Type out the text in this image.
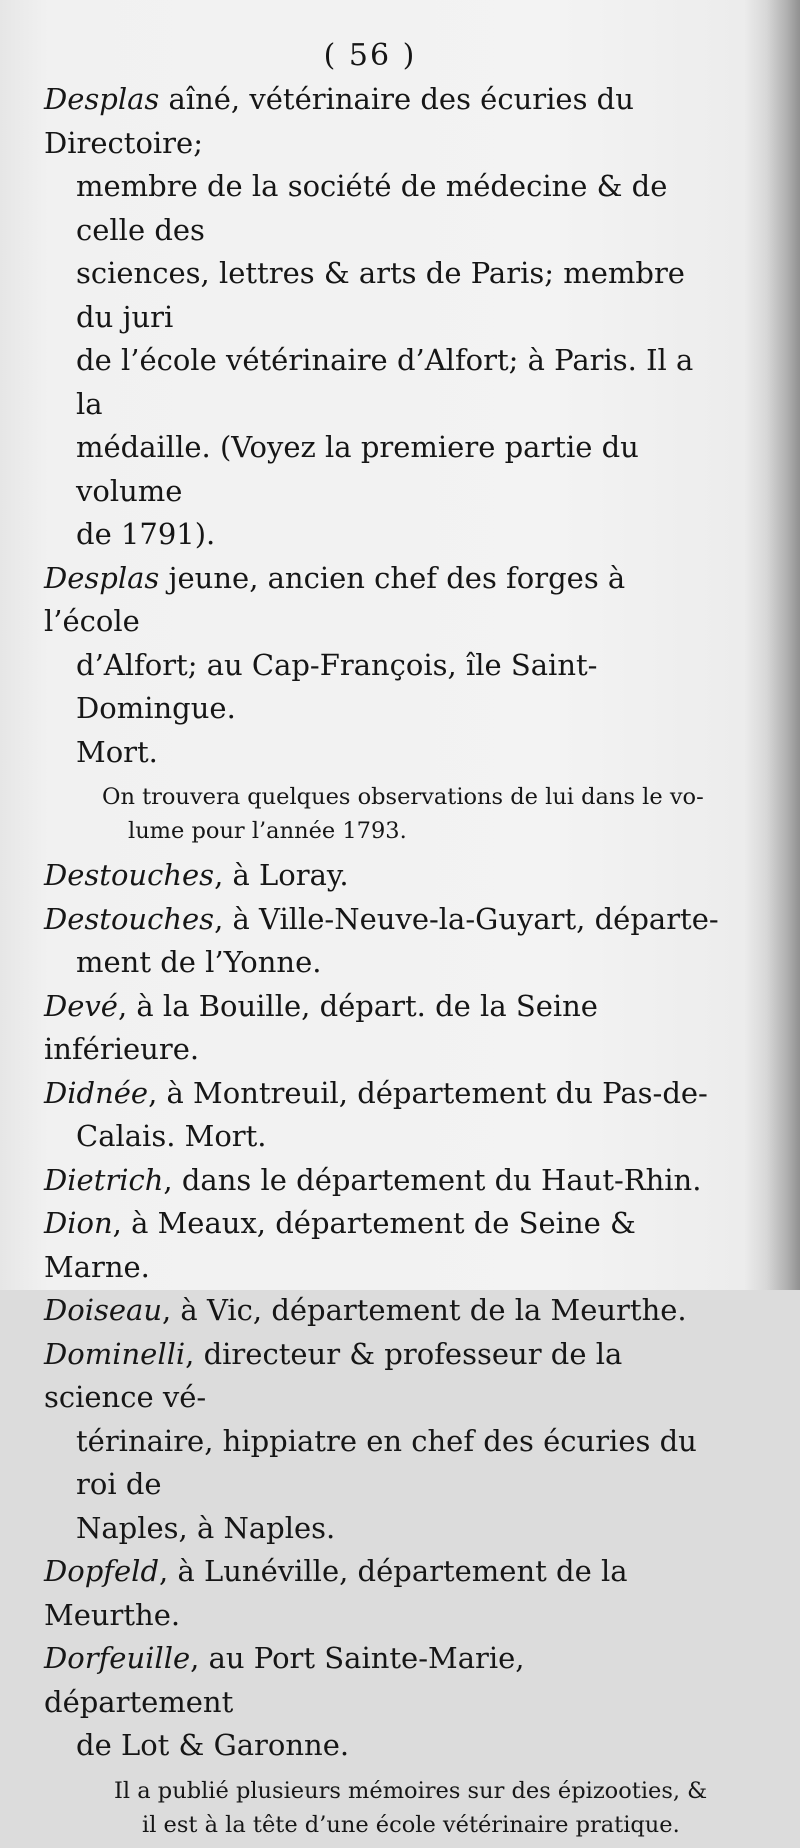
( 56 )
Desplas aîné, vétérinaire des écuries du Directoire;
membre de la société de médecine & de celle des
sciences, lettres & arts de Paris; membre du juri
de l’école vétérinaire d’Alfort; à Paris. Il a la
médaille. (Voyez la premiere partie du volume
de 1791).
Desplas jeune, ancien chef des forges à l’école
d’Alfort; au Cap-François, île Saint-Domingue.
Mort.
On trouvera quelques observations de lui dans le vo-
lume pour l’année 1793.
Destouches, à Loray.
Destouches, à Ville-Neuve-la-Guyart, départe-
ment de l’Yonne.
Devé, à la Bouille, départ. de la Seine inférieure.
Didnée, à Montreuil, département du Pas-de-
Calais. Mort.
Dietrich, dans le département du Haut-Rhin.
Dion, à Meaux, département de Seine & Marne.
Doiseau, à Vic, département de la Meurthe.
Dominelli, directeur & professeur de la science vé-
térinaire, hippiatre en chef des écuries du roi de
Naples, à Naples.
Dopfeld, à Lunéville, département de la Meurthe.
Dorfeuille, au Port Sainte-Marie, département
de Lot & Garonne.
Il a publié plusieurs mémoires sur des épizooties, &
il est à la tête d’une école vétérinaire pratique.
